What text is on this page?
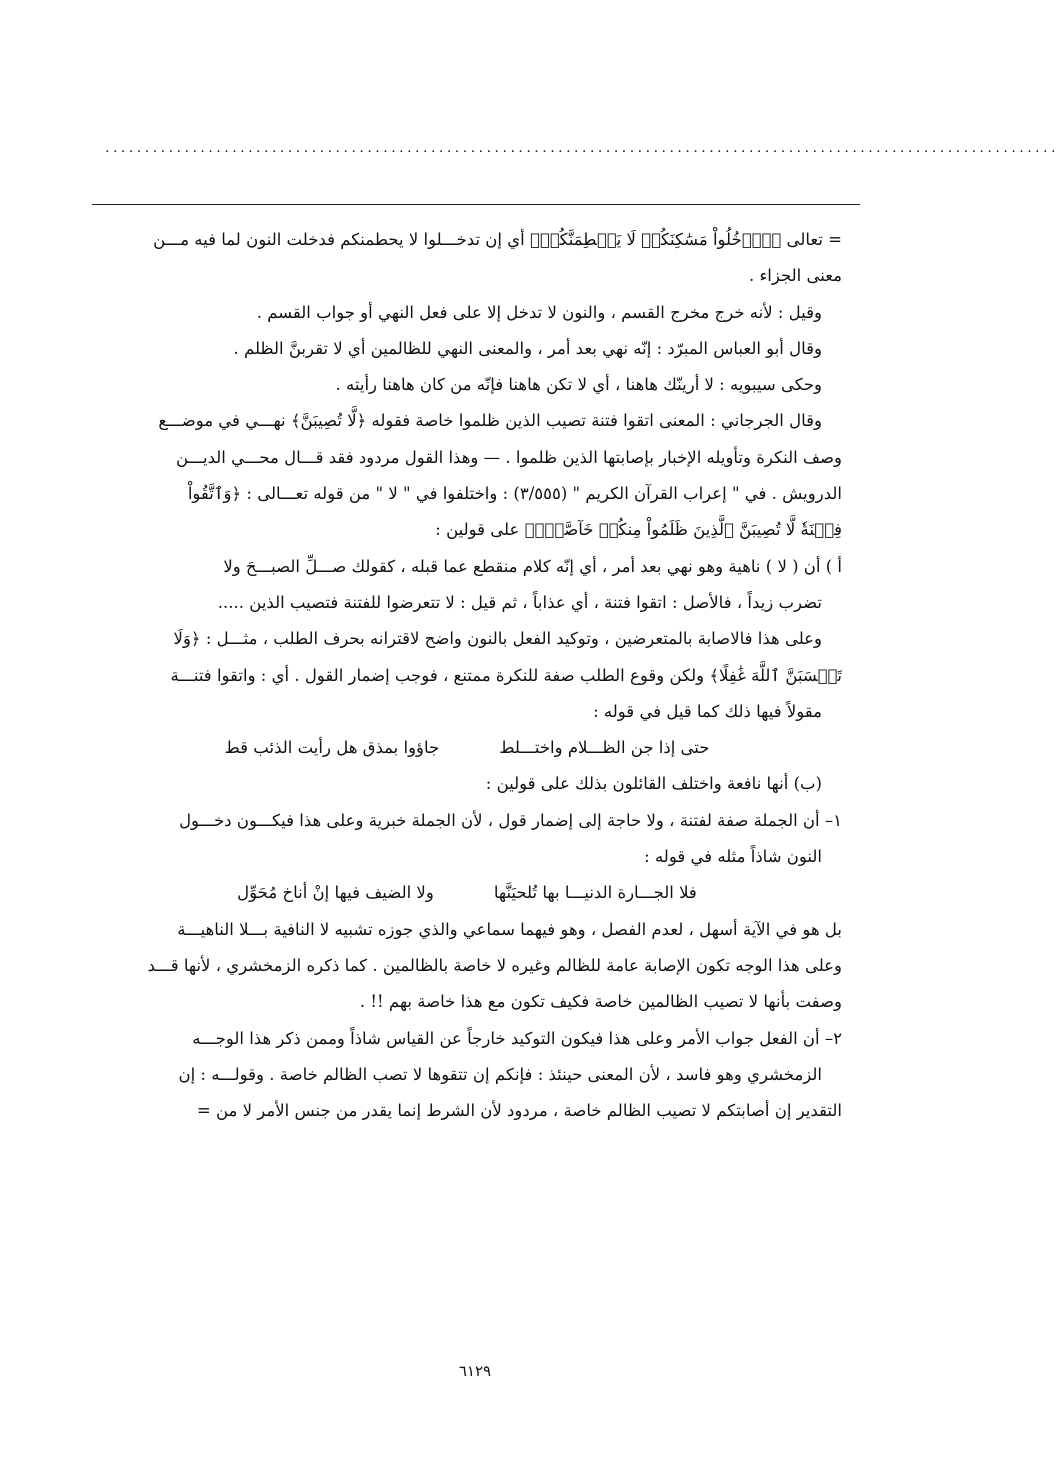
........................................................................................................................
= تعالى ﴿ٱدۡخُلُواْ مَسَٰكِنَكُمۡ لَا يَحۡطِمَنَّكُمۡ﴾ أي إن تدخـــلوا لا يحطمنكم فدخلت النون لما فيه مـــن
معنى الجزاء .
وقيل : لأنه خرج مخرج القسم ، والنون لا تدخل إلا على فعل النهي أو جواب القسم .
وقال أبو العباس المبرّد : إنّه نهي بعد أمر ، والمعنى النهي للظالمين أي لا تقربنَّ الظلم .
وحكى سيبويه : لا أرينّك هاهنا ، أي لا تكن هاهنا فإنّه من كان هاهنا رأيته .
وقال الجرجاني : المعنى اتقوا فتنة تصيب الذين ظلموا خاصة فقوله ﴿لَّا تُصِيبَنَّ﴾ نهـــي في موضـــع
وصف النكرة وتأويله الإخبار بإصابتها الذين ظلموا . — وهذا القول مردود فقد قـــال محـــي الديـــن
الدرويش . في " إعراب القرآن الكريم " (٣/٥٥٥) : واختلفوا في " لا " من قوله تعـــالى : ﴿وَٱتَّقُواْ
فِتۡنَةٗ لَّا تُصِيبَنَّ ٱلَّذِينَ ظَلَمُواْ مِنكُمۡ خَآصَّةٗۖ﴾ على قولين :
أ ) أن ( لا ) ناهية وهو نهي بعد أمر ، أي إنّه كلام منقطع عما قبله ، كقولك صـــلِّ الصبـــحَ ولا
تضرب زيداً ، فالأصل : اتقوا فتنة ، أي عذاباً ، ثم قيل : لا تتعرضوا للفتنة فتصيب الذين .....
وعلى هذا فالاصابة بالمتعرضين ، وتوكيد الفعل بالنون واضح لاقترانه بحرف الطلب ، مثـــل : ﴿وَلَا
تَحۡسَبَنَّ ٱللَّهَ غَٰفِلًا﴾ ولكن وقوع الطلب صفة للنكرة ممتنع ، فوجب إضمار القول . أي : واتقوا فتنـــة
مقولاً فيها ذلك كما قيل في قوله :
حتى إذا جن الظـــلام واختـــلط
جاؤوا بمذق هل رأيت الذئب قط
(ب) أنها نافعة واختلف القائلون بذلك على قولين :
١– أن الجملة صفة لفتنة ، ولا حاجة إلى إضمار قول ، لأن الجملة خبرية وعلى هذا فيكـــون دخـــول
النون شاذاً مثله في قوله :
فلا الجـــارة الدنيـــا بها تُلحيَنَّها
ولا الضيف فيها إنْ أناخ مُحَوِّل
بل هو في الآية أسهل ، لعدم الفصل ، وهو فيهما سماعي والذي جوزه تشبيه لا النافية بـــلا الناهيـــة
وعلى هذا الوجه تكون الإصابة عامة للظالم وغيره لا خاصة بالظالمين . كما ذكره الزمخشري ، لأنها قـــد
وصفت بأنها لا تصيب الظالمين خاصة فكيف تكون مع هذا خاصة بهم !! .
٢– أن الفعل جواب الأمر وعلى هذا فيكون التوكيد خارجاً عن القياس شاذاً وممن ذكر هذا الوجـــه
الزمخشري وهو فاسد ، لأن المعنى حينئذ : فإنكم إن تتقوها لا تصب الظالم خاصة . وقولـــه : إن
التقدير إن أصابتكم لا تصيب الظالم خاصة ، مردود لأن الشرط إنما يقدر من جنس الأمر لا من =
٦١٢٩
